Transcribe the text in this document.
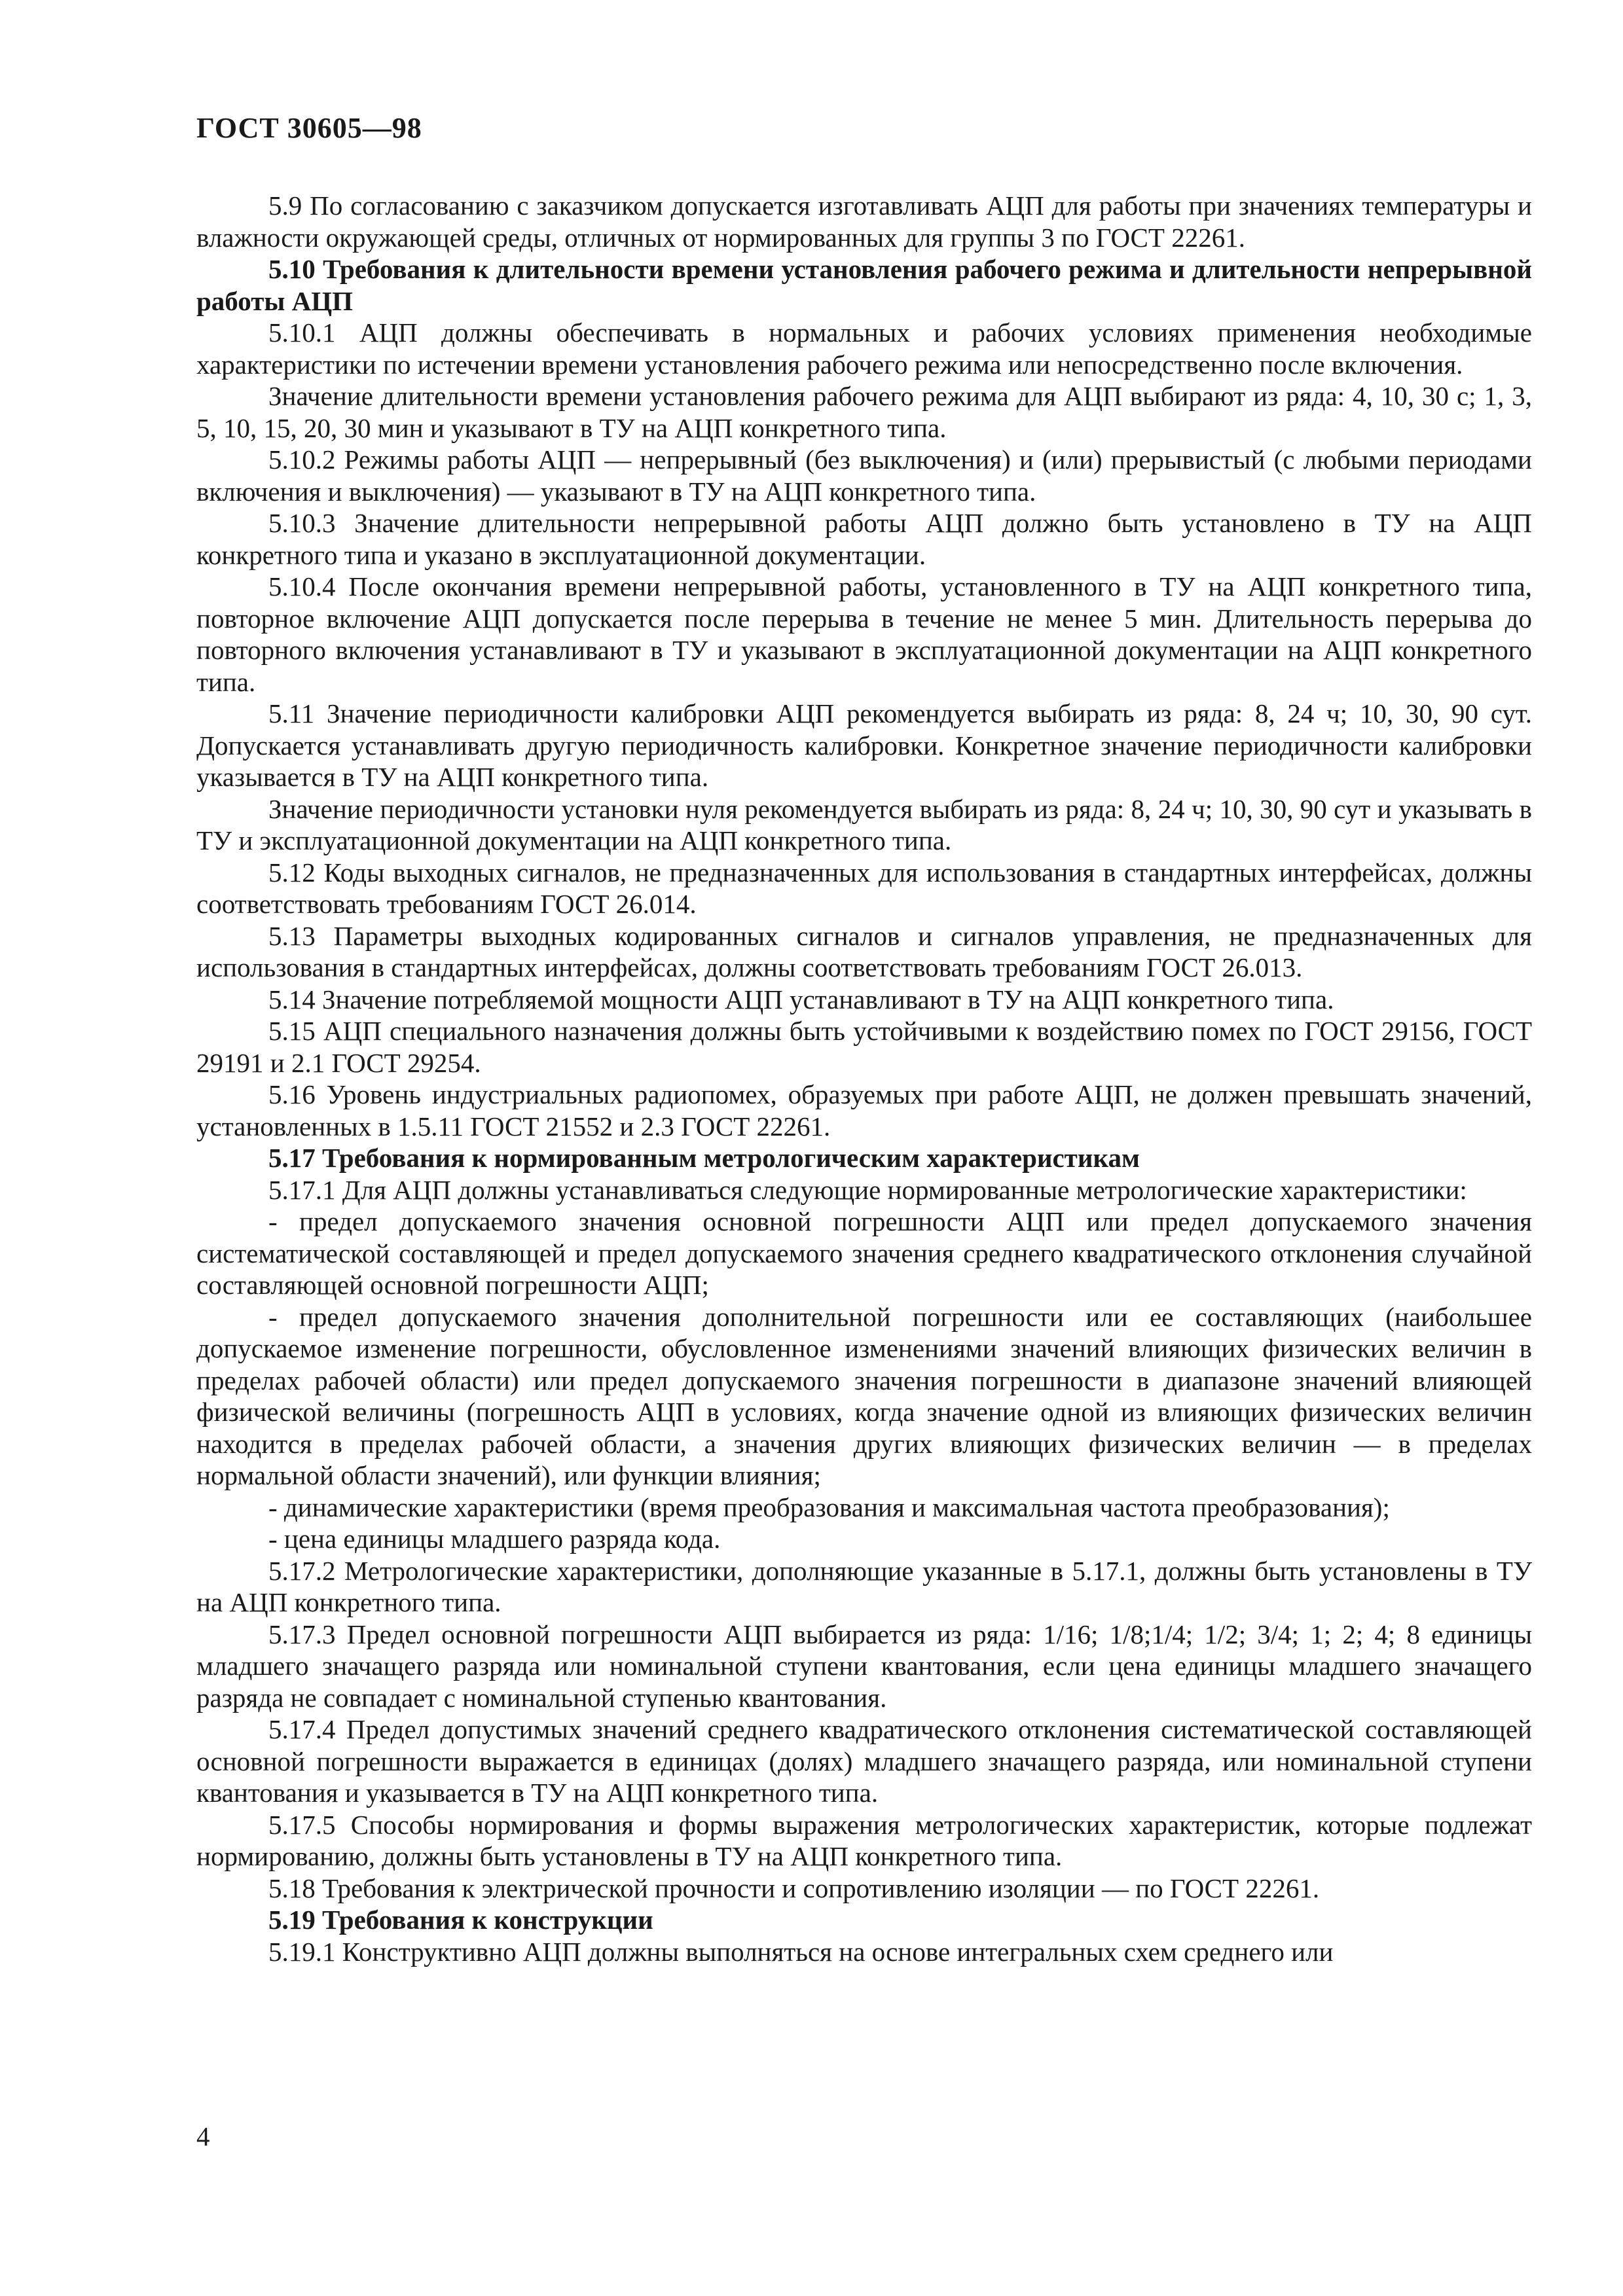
ГОСТ 30605—98

5.9 По согласованию с заказчиком допускается изготавливать АЦП для работы при значениях температуры и влажности окружающей среды, отличных от нормированных для группы 3 по ГОСТ 22261.

5.10 Требования к длительности времени установления рабочего режима и длительности непрерывной работы АЦП

5.10.1 АЦП должны обеспечивать в нормальных и рабочих условиях применения необходимые характеристики по истечении времени установления рабочего режима или непосредственно после включения.

Значение длительности времени установления рабочего режима для АЦП выбирают из ряда: 4, 10, 30 с; 1, 3, 5, 10, 15, 20, 30 мин и указывают в ТУ на АЦП конкретного типа.

5.10.2 Режимы работы АЦП — непрерывный (без выключения) и (или) прерывистый (с любыми периодами включения и выключения) — указывают в ТУ на АЦП конкретного типа.

5.10.3 Значение длительности непрерывной работы АЦП должно быть установлено в ТУ на АЦП конкретного типа и указано в эксплуатационной документации.

5.10.4 После окончания времени непрерывной работы, установленного в ТУ на АЦП конкретного типа, повторное включение АЦП допускается после перерыва в течение не менее 5 мин. Длительность перерыва до повторного включения устанавливают в ТУ и указывают в эксплуатационной документации на АЦП конкретного типа.

5.11 Значение периодичности калибровки АЦП рекомендуется выбирать из ряда: 8, 24 ч; 10, 30, 90 сут. Допускается устанавливать другую периодичность калибровки. Конкретное значение периодичности калибровки указывается в ТУ на АЦП конкретного типа.

Значение периодичности установки нуля рекомендуется выбирать из ряда: 8, 24 ч; 10, 30, 90 сут и указывать в ТУ и эксплуатационной документации на АЦП конкретного типа.

5.12 Коды выходных сигналов, не предназначенных для использования в стандартных интерфейсах, должны соответствовать требованиям ГОСТ 26.014.

5.13 Параметры выходных кодированных сигналов и сигналов управления, не предназначенных для использования в стандартных интерфейсах, должны соответствовать требованиям ГОСТ 26.013.

5.14 Значение потребляемой мощности АЦП устанавливают в ТУ на АЦП конкретного типа.

5.15 АЦП специального назначения должны быть устойчивыми к воздействию помех по ГОСТ 29156, ГОСТ 29191 и 2.1 ГОСТ 29254.

5.16 Уровень индустриальных радиопомех, образуемых при работе АЦП, не должен превышать значений, установленных в 1.5.11 ГОСТ 21552 и 2.3 ГОСТ 22261.

5.17 Требования к нормированным метрологическим характеристикам

5.17.1 Для АЦП должны устанавливаться следующие нормированные метрологические характеристики:

- предел допускаемого значения основной погрешности АЦП или предел допускаемого значения систематической составляющей и предел допускаемого значения среднего квадратического отклонения случайной составляющей основной погрешности АЦП;

- предел допускаемого значения дополнительной погрешности или ее составляющих (наибольшее допускаемое изменение погрешности, обусловленное изменениями значений влияющих физических величин в пределах рабочей области) или предел допускаемого значения погрешности в диапазоне значений влияющей физической величины (погрешность АЦП в условиях, когда значение одной из влияющих физических величин находится в пределах рабочей области, а значения других влияющих физических величин — в пределах нормальной области значений), или функции влияния;

- динамические характеристики (время преобразования и максимальная частота преобразования);

- цена единицы младшего разряда кода.

5.17.2 Метрологические характеристики, дополняющие указанные в 5.17.1, должны быть установлены в ТУ на АЦП конкретного типа.

5.17.3 Предел основной погрешности АЦП выбирается из ряда: 1/16; 1/8;1/4; 1/2; 3/4; 1; 2; 4; 8 единицы младшего значащего разряда или номинальной ступени квантования, если цена единицы младшего значащего разряда не совпадает с номинальной ступенью квантования.

5.17.4 Предел допустимых значений среднего квадратического отклонения систематической составляющей основной погрешности выражается в единицах (долях) младшего значащего разряда, или номинальной ступени квантования и указывается в ТУ на АЦП конкретного типа.

5.17.5 Способы нормирования и формы выражения метрологических характеристик, которые подлежат нормированию, должны быть установлены в ТУ на АЦП конкретного типа.

5.18 Требования к электрической прочности и сопротивлению изоляции — по ГОСТ 22261.

5.19 Требования к конструкции

5.19.1 Конструктивно АЦП должны выполняться на основе интегральных схем среднего или

4
